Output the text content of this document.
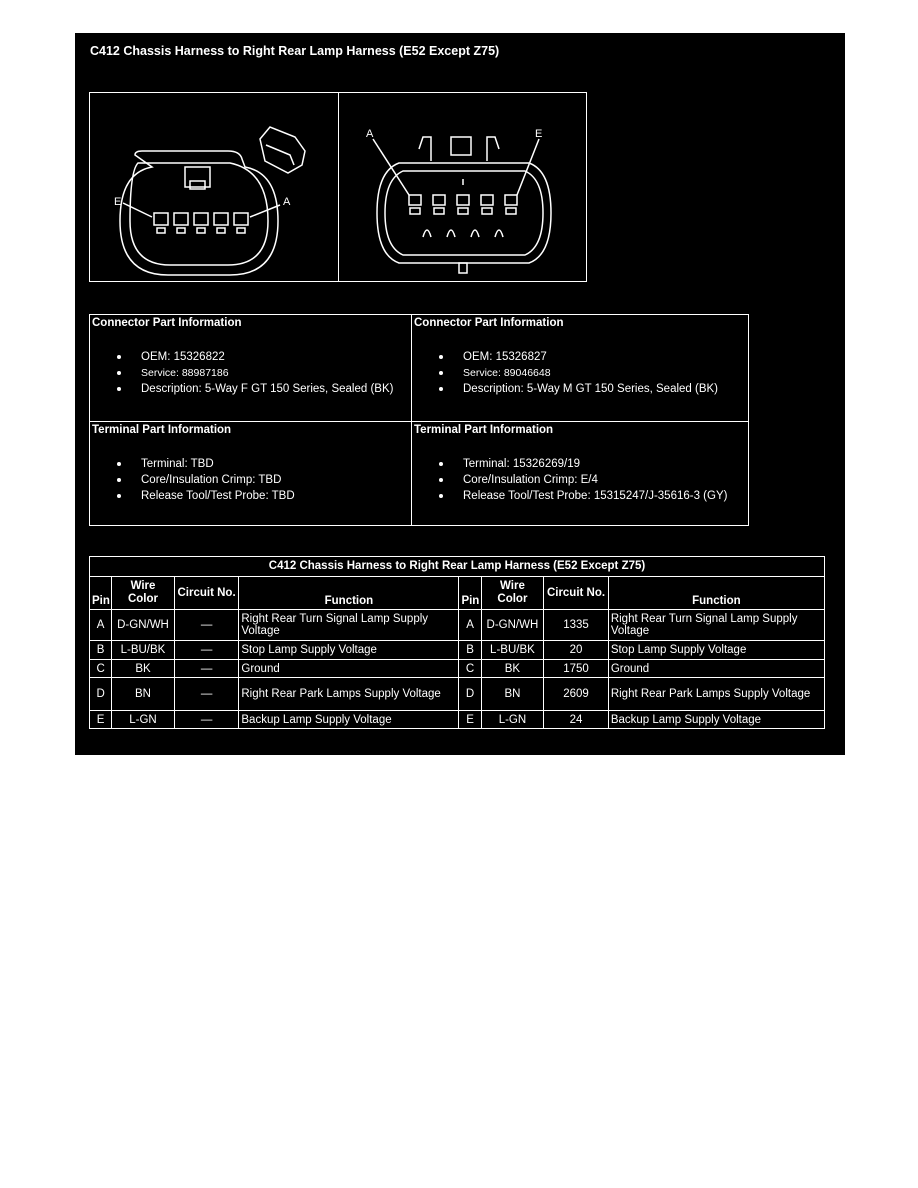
C412 Chassis Harness to Right Rear Lamp Harness (E52 Except Z75)
E	A
A	E
Connector Part Information
OEM: 15326822
Service: 88987186
Description: 5-Way F GT 150 Series, Sealed (BK)
Connector Part Information
OEM: 15326827
Service: 89046648
Description: 5-Way M GT 150 Series, Sealed (BK)
Terminal Part Information
Terminal: TBD
Core/Insulation Crimp: TBD
Release Tool/Test Probe: TBD
Terminal Part Information
Terminal: 15326269/19
Core/Insulation Crimp: E/4
Release Tool/Test Probe: 15315247/J-35616-3 (GY)
C412 Chassis Harness to Right Rear Lamp Harness (E52 Except Z75)							
Pin	Wire Color	Circuit No.	Function	Pin	Wire Color	Circuit No.	Function
A	D-GN/WH	—	Right Rear Turn Signal Lamp Supply Voltage	A	D-GN/WH	1335	Right Rear Turn Signal Lamp Supply Voltage
B	L-BU/BK	—	Stop Lamp Supply Voltage	B	L-BU/BK	20	Stop Lamp Supply Voltage
C	BK	—	Ground	C	BK	1750	Ground
D	BN	—	Right Rear Park Lamps Supply Voltage	D	BN	2609	Right Rear Park Lamps Supply Voltage
E	L-GN	—	Backup Lamp Supply Voltage	E	L-GN	24	Backup Lamp Supply Voltage
